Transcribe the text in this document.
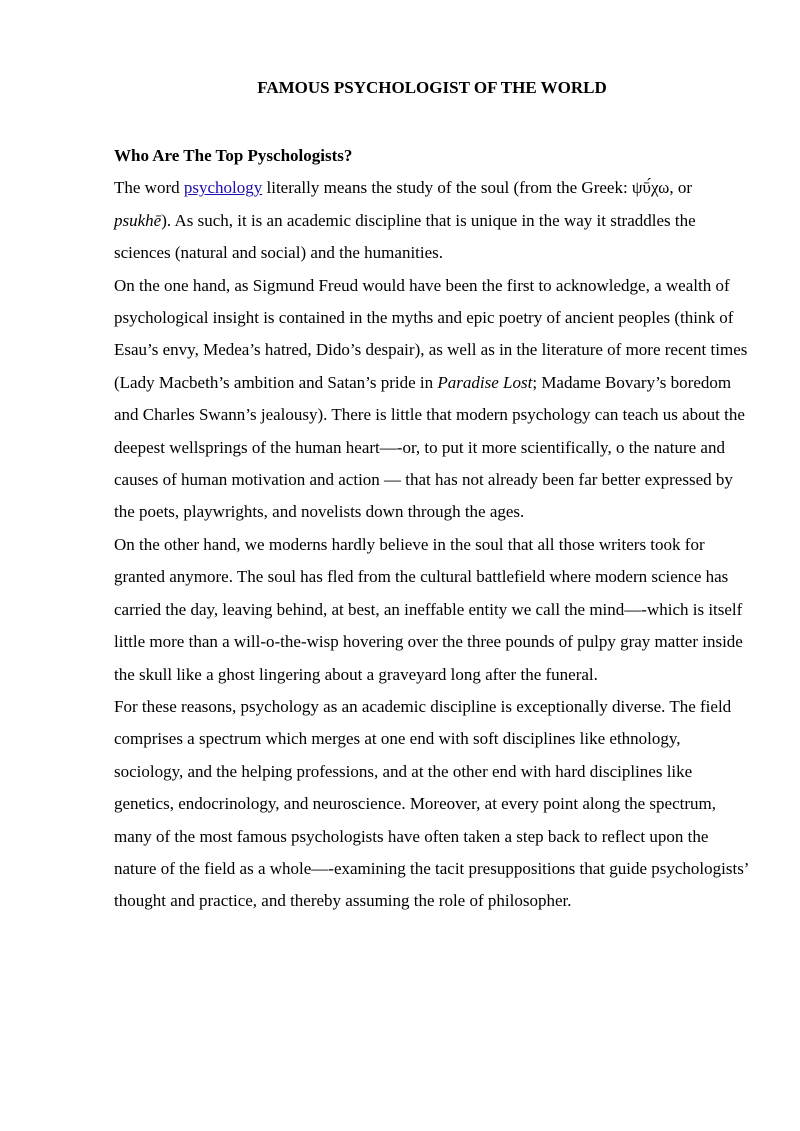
FAMOUS PSYCHOLOGIST OF THE WORLD
Who Are The Top Pyschologists?

The word psychology literally means the study of the soul (from the Greek: ψῡ́χω, or psukhē). As such, it is an academic discipline that is unique in the way it straddles the sciences (natural and social) and the humanities.

On the one hand, as Sigmund Freud would have been the first to acknowledge, a wealth of psychological insight is contained in the myths and epic poetry of ancient peoples (think of Esau’s envy, Medea’s hatred, Dido’s despair), as well as in the literature of more recent times (Lady Macbeth’s ambition and Satan’s pride in Paradise Lost; Madame Bovary’s boredom and Charles Swann’s jealousy). There is little that modern psychology can teach us about the deepest wellsprings of the human heart—-or, to put it more scientifically, o the nature and causes of human motivation and action — that has not already been far better expressed by the poets, playwrights, and novelists down through the ages.

On the other hand, we moderns hardly believe in the soul that all those writers took for granted anymore. The soul has fled from the cultural battlefield where modern science has carried the day, leaving behind, at best, an ineffable entity we call the mind—-which is itself little more than a will-o-the-wisp hovering over the three pounds of pulpy gray matter inside the skull like a ghost lingering about a graveyard long after the funeral.

For these reasons, psychology as an academic discipline is exceptionally diverse. The field comprises a spectrum which merges at one end with soft disciplines like ethnology, sociology, and the helping professions, and at the other end with hard disciplines like genetics, endocrinology, and neuroscience. Moreover, at every point along the spectrum, many of the most famous psychologists have often taken a step back to reflect upon the nature of the field as a whole—-examining the tacit presuppositions that guide psychologists’ thought and practice, and thereby assuming the role of philosopher.
